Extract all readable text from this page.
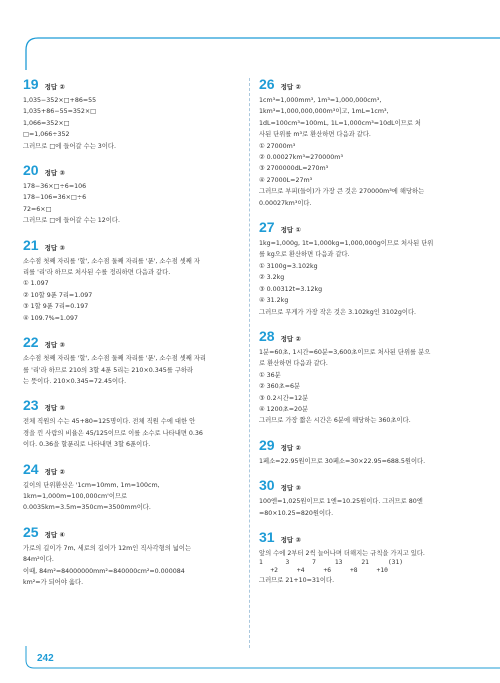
19 정답 ②
1,035−352×□+86=55
1,035+86−55=352×□
1,066=352×□
□=1,066÷352
그러므로 □에 들어갈 수는 3이다.
20 정답 ③
178−36×□÷6=106
178−106=36×□÷6
72=6×□
그러므로 □에 들어갈 수는 12이다.
21 정답 ③
소수점 첫째 자리를 '할', 소수점 둘째 자리를 '푼', 소수점 셋째 자
리를 '리'라 하므로 처사된 수를 정리하면 다음과 같다.
① 1.097
② 10할 9푼 7리=1.097
③ 1할 9푼 7리=0.197
④ 109.7%=1.097
22 정답 ③
소수점 첫째 자리를 '할', 소수점 둘째 자리를 '푼', 소수점 셋째 자리
를 '리'라 하므로 210의 3할 4푼 5리는 210×0.345를 구하라
는 뜻이다. 210×0.345=72.45이다.
23 정답 ③
전체 직원의 수는 45+80=125명이다. 전체 직원 수에 대한 안
경을 낀 사람의 비율은 45/125이므로 이를 소수로 나타내면 0.36
이다. 0.36을 할푼리로 나타내면 3할 6푼이다.
24 정답 ②
길이의 단위환산은 '1cm=10mm, 1m=100cm,
1km=1,000m=100,000cm'이므로
0.0035km=3.5m=350cm=3500mm이다.
25 정답 ④
가로의 길이가 7m, 세로의 길이가 12m인 직사각형의 넓이는
84m²이다.
이때, 84m²=84000000mm²=840000cm²=0.000084
km²=가 되어야 옳다.
26 정답 ②
1cm³=1,000mm³, 1m³=1,000,000cm³,
1km³=1,000,000,000m³이고, 1mL=1cm³,
1dL=100cm³=100mL, 1L=1,000cm³=10dL이므로 처
사된 단위를 m³로 환산하면 다음과 같다.
① 27000m³
② 0.00027km³=270000m³
③ 2700000dL=270m³
④ 27000L=27m³
그러므로 부피(들이)가 가장 큰 것은 270000m³에 해당하는
0.00027km³이다.
27 정답 ①
1kg=1,000g, 1t=1,000kg=1,000,000g이므로 처사된 단위
를 kg으로 환산하면 다음과 같다.
① 3100g=3.102kg
② 3.2kg
③ 0.00312t=3.12kg
④ 31.2kg
그러므로 무게가 가장 작은 것은 3.102kg인 3102g이다.
28 정답 ②
1분=60초, 1시간=60분=3,600초이므로 처사된 단위를 분으
로 환산하면 다음과 같다.
① 36분
② 360초=6분
③ 0.2시간=12분
④ 1200초=20분
그러므로 가장 짧은 시간은 6분에 해당하는 360초이다.
29 정답 ②
1페소=22.95원이므로 30페소=30×22.95=688.5원이다.
30 정답 ③
100엔=1,025원이므로 1엔=10.25원이다. 그러므로 80엔
=80×10.25=820원이다.
31 정답 ③
앞의 수에 2부터 2씩 늘어나며 더해지는 규칙을 가지고 있다.
1      3      7     13     21     (31)
+2     +4     +6     +8     +10
그러므로 21+10=31이다.
242
